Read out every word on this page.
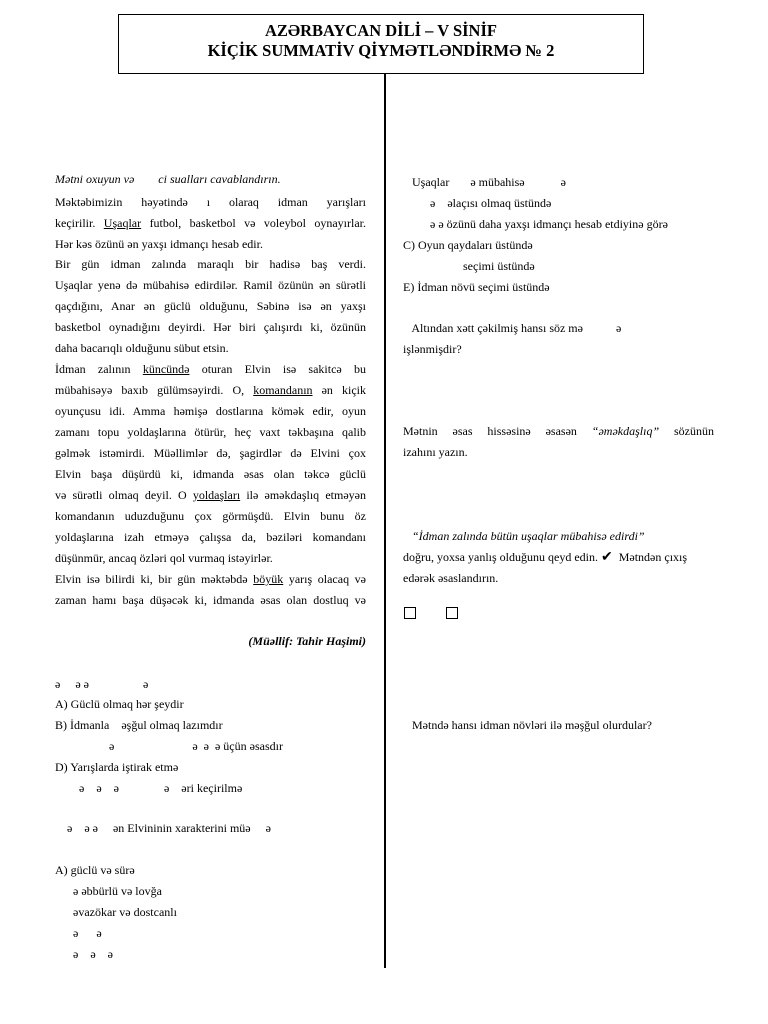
AZƏRBAYCAN DİLİ – V SİNİF
KİÇİK SUMMATİV QİYMƏTLƏNDİRMƏ № 2
Mətni oxuyun və        ci sualları cavablandırın.
Məktəbimizin həyətində ı olaraq idman yarışları
keçirilir. Uşaqlar futbol, basketbol və voleybol oynayırlar.
Hər kəs özünü ən yaxşı idmançı hesab edir.
Bir gün idman zalında maraqlı bir hadisə baş verdi.
Uşaqlar yenə də mübahisə edirdilər. Ramil özünün ən sürətli
qaçdığını, Anar ən güclü olduğunu, Səbinə isə ən yaxşı
basketbol oynadığını deyirdi. Hər biri çalışırdı ki, özünün
daha bacarıqlı olduğunu sübut etsin.
İdman zalının küncündə oturan Elvin isə sakitcə bu
mübahisəyə baxıb gülümsəyirdi. O, komandanın ən kiçik
oyunçusu idi. Amma həmişə dostlarına kömək edir, oyun
zamanı topu yoldaşlarına ötürür, heç vaxt təkbaşına qalib
gəlmək istəmirdi. Müəllimlər də, şagirdlər də Elvini çox
Elvin başa düşürdü ki, idmanda əsas olan təkcə güclü
və sürətli olmaq deyil. O yoldaşları ilə əməkdaşlıq etməyən
komandanın uduzduğunu çox görmüşdü. Elvin bunu öz
yoldaşlarına izah etməyə çalışsa da, bəziləri komandanı
düşünmür, ancaq özləri qol vurmaq istəyirlər.
Elvin isə bilirdi ki, bir gün məktəbdə böyük yarış olacaq və
zaman hamı başa düşəcək ki, idmanda əsas olan dostluq və
(Müəllif: Tahir Haşimi)
ə     ə ə                  ə
A) Güclü olmaq hər şeydir
B) İdmanla    əşğul olmaq lazımdır
ə                          ə  ə  ə üçün əsasdır
D) Yarışlarda iştirak etmə
ə    ə    ə               ə    əri keçirilmə
ə    ə ə     ən Elvininin xarakterini müə     ə
A) güclü və sürə
ə əbbürlü və lovğa
əvazökar və dostcanlı
ə      ə
ə    ə    ə
Uşaqlar       ə mübahisə            ə
ə    əlaçısı olmaq üstündə
ə ə özünü daha yaxşı idmançı hesab etdiyinə görə
C) Oyun qaydaları üstündə
seçimi üstündə
E) İdman növü seçimi üstündə
Altından xətt çəkilmiş hansı söz mə           ə
işlənmişdir?
Mətnin əsas hissəsinə əsasən “əməkdaşlıq” sözünün
izahını yazın.
“İdman zalında bütün uşaqlar mübahisə edirdi”
doğru, yoxsa yanlış olduğunu qeyd edin. ✔  Mətndən çıxış
edərək əsaslandırın.
Mətndə hansı idman növləri ilə məşğul olurdular?
